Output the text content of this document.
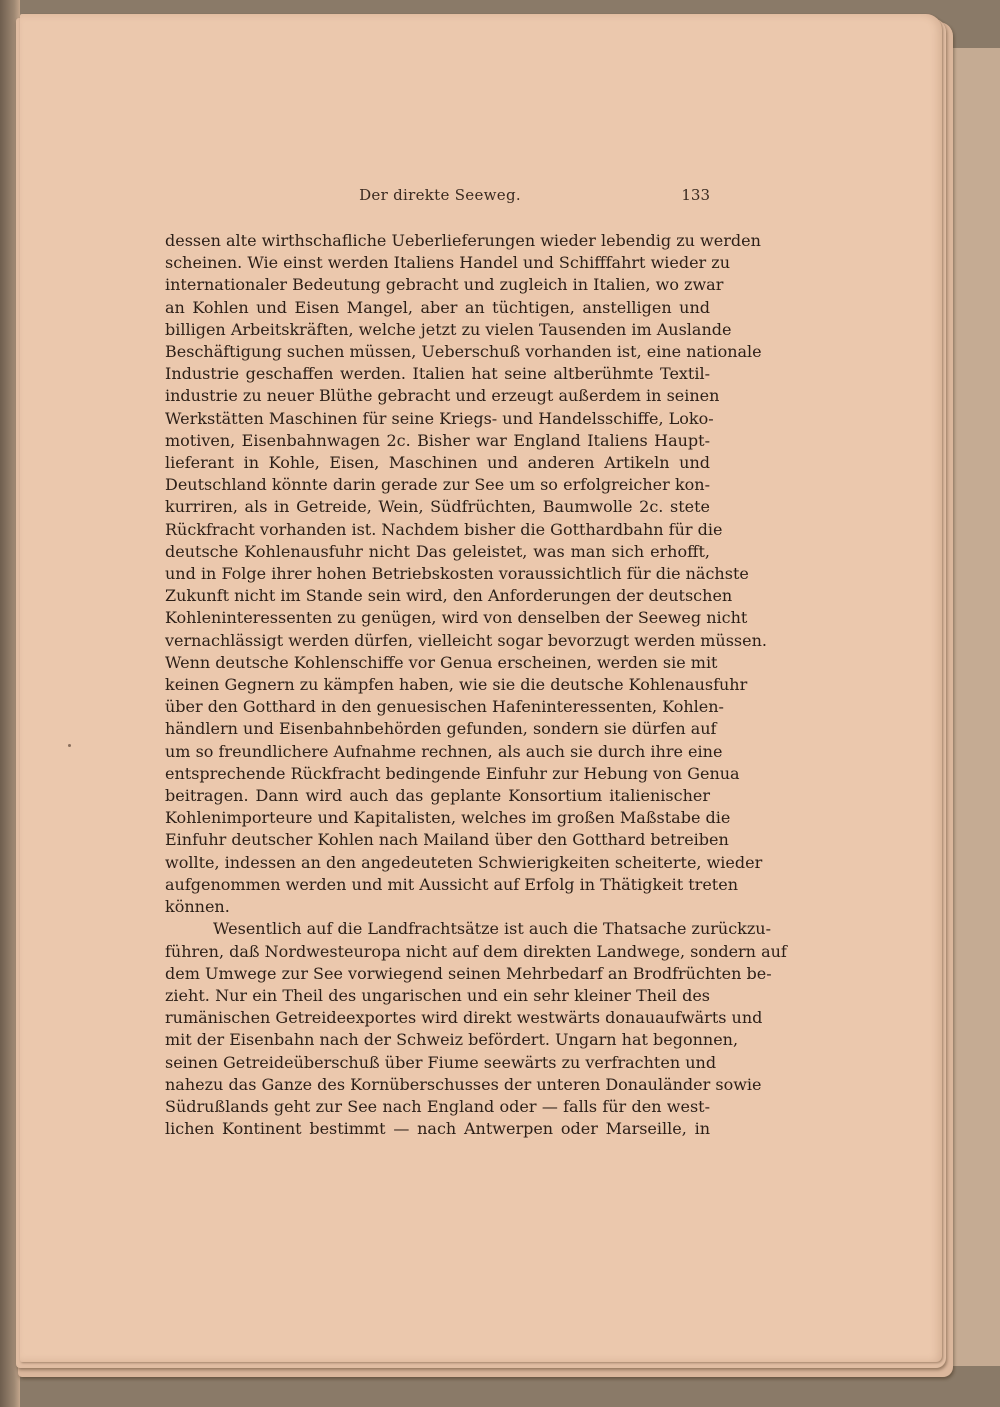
Der direkte Seeweg.	133
dessen alte wirthschafliche Ueberlieferungen wieder lebendig zu werden
scheinen. Wie einst werden Italiens Handel und Schifffahrt wieder zu
internationaler Bedeutung gebracht und zugleich in Italien, wo zwar
an Kohlen und Eisen Mangel, aber an tüchtigen, anstelligen und
billigen Arbeitskräften, welche jetzt zu vielen Tausenden im Auslande
Beschäftigung suchen müssen, Ueberschuß vorhanden ist, eine nationale
Industrie geschaffen werden. Italien hat seine altberühmte Textil-
industrie zu neuer Blüthe gebracht und erzeugt außerdem in seinen
Werkstätten Maschinen für seine Kriegs- und Handelsschiffe, Loko-
motiven, Eisenbahnwagen 2c. Bisher war England Italiens Haupt-
lieferant in Kohle, Eisen, Maschinen und anderen Artikeln und
Deutschland könnte darin gerade zur See um so erfolgreicher kon-
kurriren, als in Getreide, Wein, Südfrüchten, Baumwolle 2c. stete
Rückfracht vorhanden ist. Nachdem bisher die Gotthardbahn für die
deutsche Kohlenausfuhr nicht Das geleistet, was man sich erhofft,
und in Folge ihrer hohen Betriebskosten voraussichtlich für die nächste
Zukunft nicht im Stande sein wird, den Anforderungen der deutschen
Kohleninteressenten zu genügen, wird von denselben der Seeweg nicht
vernachlässigt werden dürfen, vielleicht sogar bevorzugt werden müssen.
Wenn deutsche Kohlenschiffe vor Genua erscheinen, werden sie mit
keinen Gegnern zu kämpfen haben, wie sie die deutsche Kohlenausfuhr
über den Gotthard in den genuesischen Hafeninteressenten, Kohlen-
händlern und Eisenbahnbehörden gefunden, sondern sie dürfen auf
um so freundlichere Aufnahme rechnen, als auch sie durch ihre eine
entsprechende Rückfracht bedingende Einfuhr zur Hebung von Genua
beitragen. Dann wird auch das geplante Konsortium italienischer
Kohlenimporteure und Kapitalisten, welches im großen Maßstabe die
Einfuhr deutscher Kohlen nach Mailand über den Gotthard betreiben
wollte, indessen an den angedeuteten Schwierigkeiten scheiterte, wieder
aufgenommen werden und mit Aussicht auf Erfolg in Thätigkeit treten
können.
Wesentlich auf die Landfrachtsätze ist auch die Thatsache zurückzu-
führen, daß Nordwesteuropa nicht auf dem direkten Landwege, sondern auf
dem Umwege zur See vorwiegend seinen Mehrbedarf an Brodfrüchten be-
zieht. Nur ein Theil des ungarischen und ein sehr kleiner Theil des
rumänischen Getreideexportes wird direkt westwärts donauaufwärts und
mit der Eisenbahn nach der Schweiz befördert. Ungarn hat begonnen,
seinen Getreideüberschuß über Fiume seewärts zu verfrachten und
nahezu das Ganze des Kornüberschusses der unteren Donauländer sowie
Südrußlands geht zur See nach England oder — falls für den west-
lichen Kontinent bestimmt — nach Antwerpen oder Marseille, in
